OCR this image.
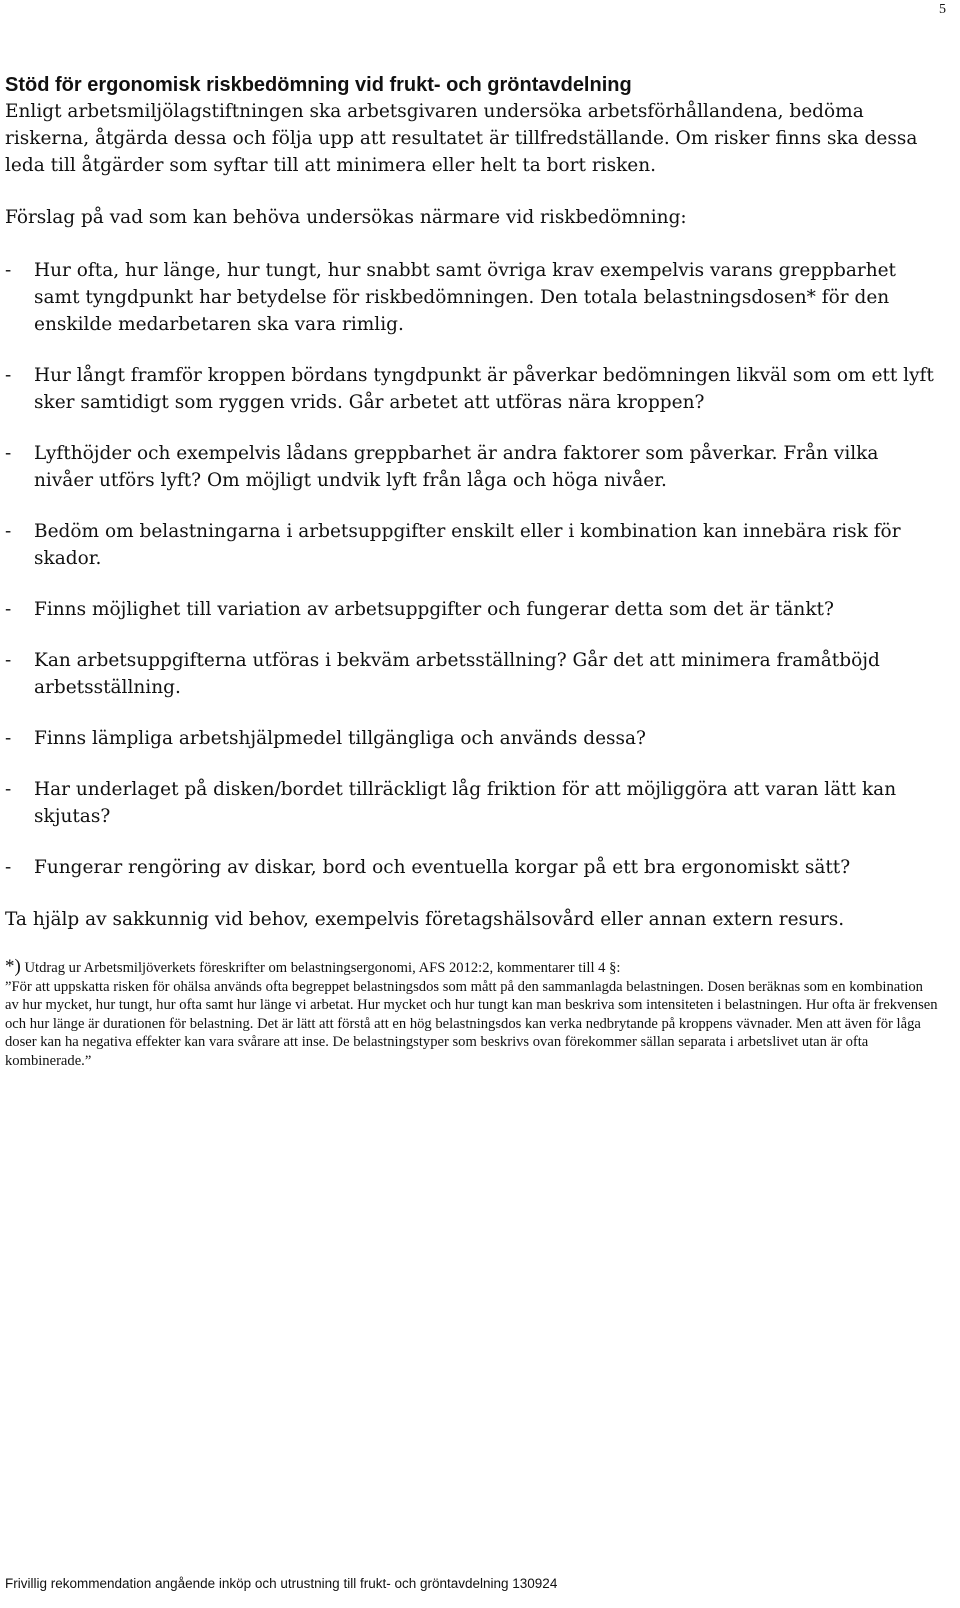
5
Stöd för ergonomisk riskbedömning vid frukt- och gröntavdelning

Enligt arbetsmiljölagstiftningen ska arbetsgivaren undersöka arbetsförhållandena, bedöma riskerna, åtgärda dessa och följa upp att resultatet är tillfredställande. Om risker finns ska dessa leda till åtgärder som syftar till att minimera eller helt ta bort risken.

Förslag på vad som kan behöva undersökas närmare vid riskbedömning:

- Hur ofta, hur länge, hur tungt, hur snabbt samt övriga krav exempelvis varans greppbarhet samt tyngdpunkt har betydelse för riskbedömningen. Den totala belastningsdosen* för den enskilde medarbetaren ska vara rimlig.
- Hur långt framför kroppen bördans tyngdpunkt är påverkar bedömningen likväl som om ett lyft sker samtidigt som ryggen vrids. Går arbetet att utföras nära kroppen?
- Lyfthöjder och exempelvis lådans greppbarhet är andra faktorer som påverkar. Från vilka nivåer utförs lyft? Om möjligt undvik lyft från låga och höga nivåer.
- Bedöm om belastningarna i arbetsuppgifter enskilt eller i kombination kan innebära risk för skador.
- Finns möjlighet till variation av arbetsuppgifter och fungerar detta som det är tänkt?
- Kan arbetsuppgifterna utföras i bekväm arbetsställning? Går det att minimera framåtböjd arbetsställning.
- Finns lämpliga arbetshjälpmedel tillgängliga och används dessa?
- Har underlaget på disken/bordet tillräckligt låg friktion för att möjliggöra att varan lätt kan skjutas?
- Fungerar rengöring av diskar, bord och eventuella korgar på ett bra ergonomiskt sätt?

Ta hjälp av sakkunnig vid behov, exempelvis företagshälsovård eller annan extern resurs.

*) Utdrag ur Arbetsmiljöverkets föreskrifter om belastningsergonomi, AFS 2012:2, kommentarer till 4 §:
”För att uppskatta risken för ohälsa används ofta begreppet belastningsdos som mått på den sammanlagda belastningen. Dosen beräknas som en kombination av hur mycket, hur tungt, hur ofta samt hur länge vi arbetat. Hur mycket och hur tungt kan man beskriva som intensiteten i belastningen. Hur ofta är frekvensen och hur länge är durationen för belastning. Det är lätt att förstå att en hög belastningsdos kan verka nedbrytande på kroppens vävnader. Men att även för låga doser kan ha negativa effekter kan vara svårare att inse. De belastningstyper som beskrivs ovan förekommer sällan separata i arbetslivet utan är ofta kombinerade.”
Frivillig rekommendation angående inköp och utrustning till frukt- och gröntavdelning 130924
